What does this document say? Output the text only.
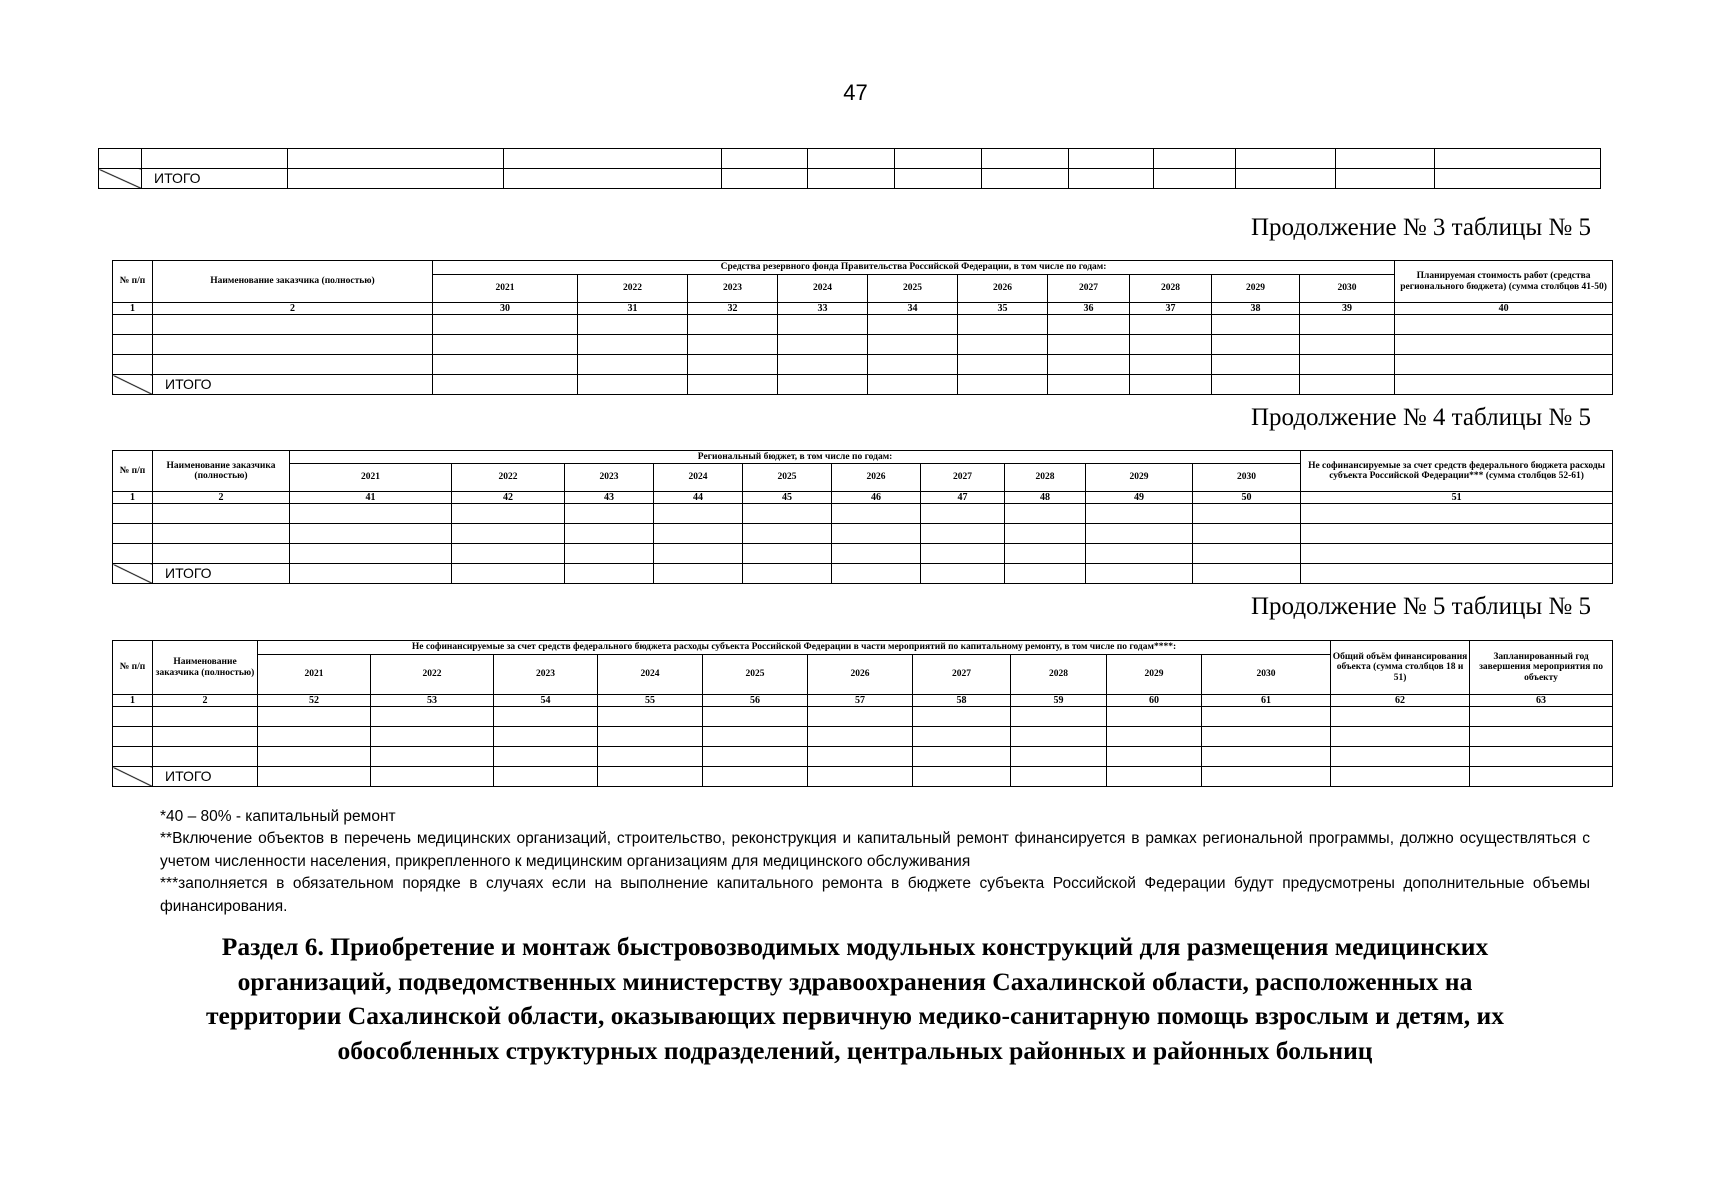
47

	ИТОГО											
Продолжение № 3 таблицы № 5
№ п/п	Наименование заказчика (полностью)	Средства резервного фонда Правительства Российской Федерации, в том числе по годам:										Планируемая стоимость работ (средства регионального бюджета) (сумма столбцов 41-50)
		2021	2022	2023	2024	2025	2026	2027	2028	2029	2030	
1	2	30	31	32	33	34	35	36	37	38	39	40

	ИТОГО											
Продолжение № 4 таблицы № 5
№ п/п	Наименование заказчика (полностью)	Региональный бюджет, в том числе по годам:										Не софинансируемые за счет средств федерального бюджета расходы субъекта Российской Федерации*** (сумма столбцов 52-61)
		2021	2022	2023	2024	2025	2026	2027	2028	2029	2030	
1	2	41	42	43	44	45	46	47	48	49	50	51

	ИТОГО											
Продолжение № 5 таблицы № 5
№ п/п	Наименование заказчика (полностью)	Не софинансируемые за счет средств федерального бюджета расходы субъекта Российской Федерации в части мероприятий по капитальному ремонту, в том числе по годам****:										Общий объём финансирования объекта (сумма столбцов 18 и 51)	Запланированный год завершения мероприятия по объекту
		2021	2022	2023	2024	2025	2026	2027	2028	2029	2030		
1	2	52	53	54	55	56	57	58	59	60	61	62	63

	ИТОГО												

*40 – 80% - капитальный ремонт

**Включение объектов в перечень медицинских организаций, строительство, реконструкция и капитальный ремонт финансируется в рамках региональной программы, должно осуществляться с учетом численности населения, прикрепленного к медицинским организациям для медицинского обслуживания

***заполняется в обязательном порядке в случаях если на выполнение капитального ремонта в бюджете субъекта Российской Федерации будут предусмотрены дополнительные объемы финансирования.

Раздел 6. Приобретение и монтаж быстровозводимых модульных конструкций для размещения медицинских организаций, подведомственных министерству здравоохранения Сахалинской области, расположенных на территории Сахалинской области, оказывающих первичную медико-санитарную помощь взрослым и детям, их обособленных структурных подразделений, центральных районных и районных больниц
